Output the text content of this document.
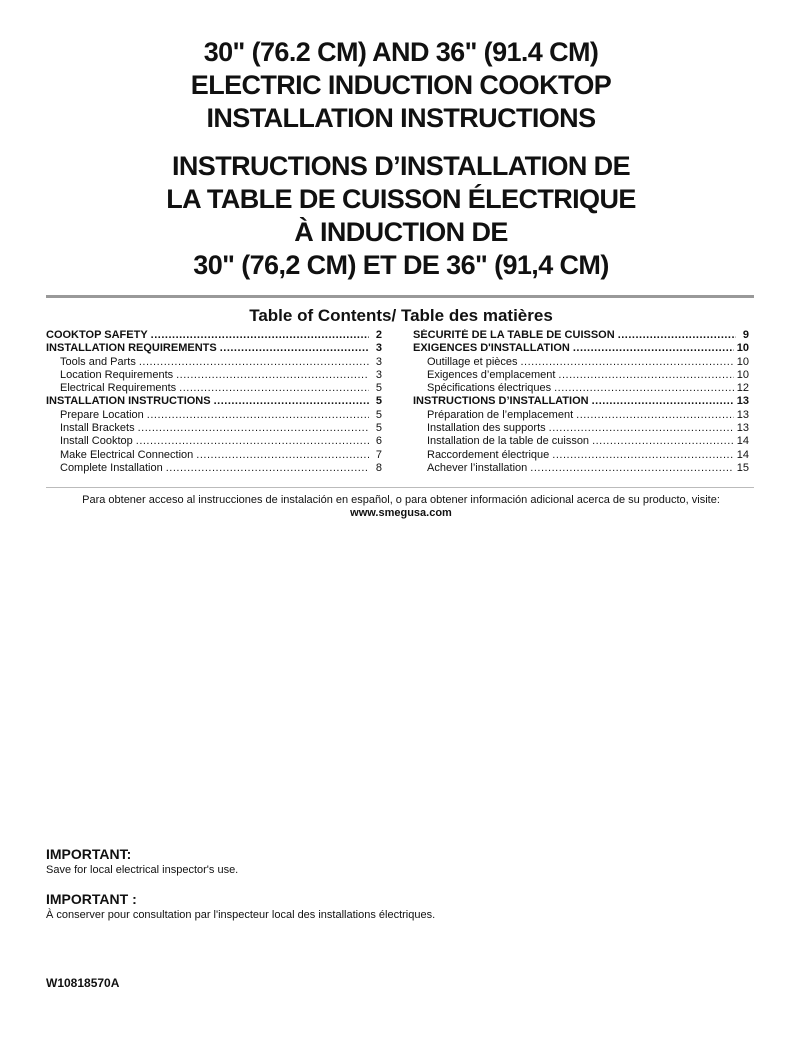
30" (76.2 CM) AND 36" (91.4 CM)
ELECTRIC INDUCTION COOKTOP
INSTALLATION INSTRUCTIONS
INSTRUCTIONS D’INSTALLATION DE
LA TABLE DE CUISSON ÉLECTRIQUE
À INDUCTION DE
30" (76,2 CM) ET DE 36" (91,4 CM)
Table of Contents/ Table des matières
COOKTOP SAFETY .....	2
INSTALLATION REQUIREMENTS .....	3
Tools and Parts .....	3
Location Requirements .....	3
Electrical Requirements .....	5
INSTALLATION INSTRUCTIONS .....	5
Prepare Location .....	5
Install Brackets .....	5
Install Cooktop .....	6
Make Electrical Connection .....	7
Complete Installation .....	8
SÉCURITÉ DE LA TABLE DE CUISSON .....	9
EXIGENCES D'INSTALLATION .....	10
Outillage et pièces .....	10
Exigences d’emplacement .....	10
Spécifications électriques .....	12
INSTRUCTIONS D’INSTALLATION .....	13
Préparation de l’emplacement .....	13
Installation des supports .....	13
Installation de la table de cuisson .....	14
Raccordement électrique .....	14
Achever l’installation .....	15
Para obtener acceso al instrucciones de instalación en español, o para obtener información adicional acerca de su producto, visite:
www.smegusa.com
IMPORTANT:
Save for local electrical inspector's use.
IMPORTANT :
À conserver pour consultation par l'inspecteur local des installations électriques.
W10818570A
